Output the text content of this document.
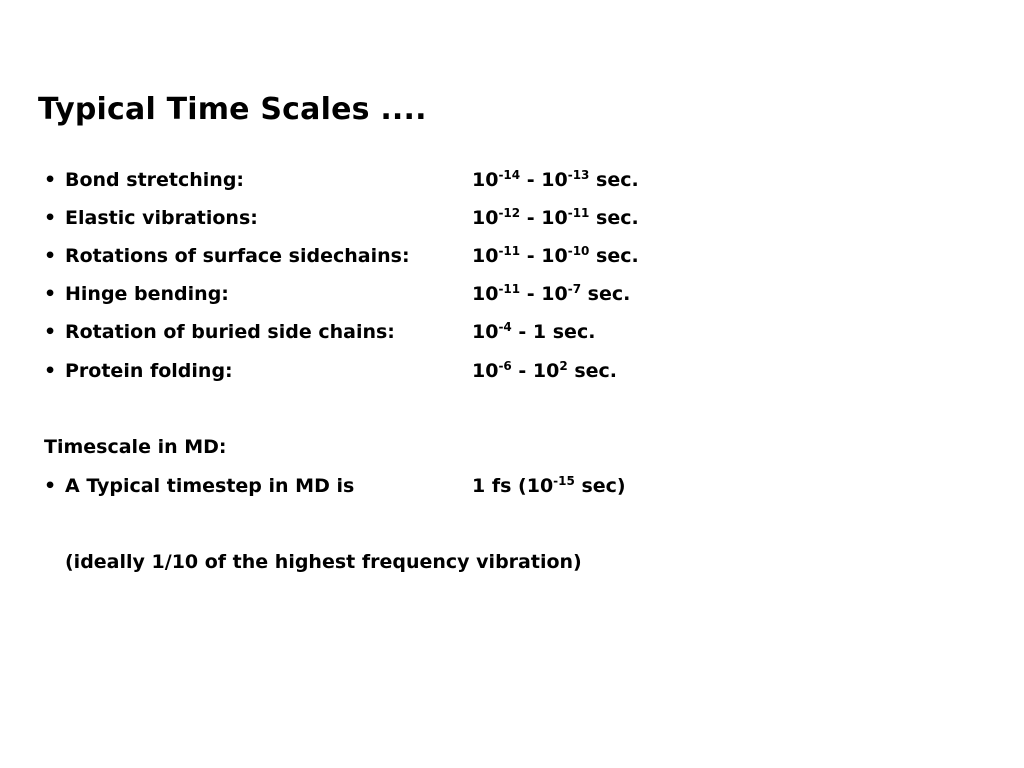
Typical Time Scales ....
• Bond stretching:	$10^{-14} - 10^{-13}$ sec.
• Elastic vibrations:	$10^{-12} - 10^{-11}$ sec.
• Rotations of surface sidechains:	$10^{-11} - 10^{-10}$ sec.
• Hinge bending:	$10^{-11} - 10^{-7}$ sec.
• Rotation of buried side chains:	$10^{-4} - 1$ sec.
• Protein folding:	$10^{-6} - 10^2$ sec.
Timescale in MD:
• A Typical timestep in MD is	1 fs ($10^{-15}$ sec)
(ideally 1/10 of the highest frequency vibration)
